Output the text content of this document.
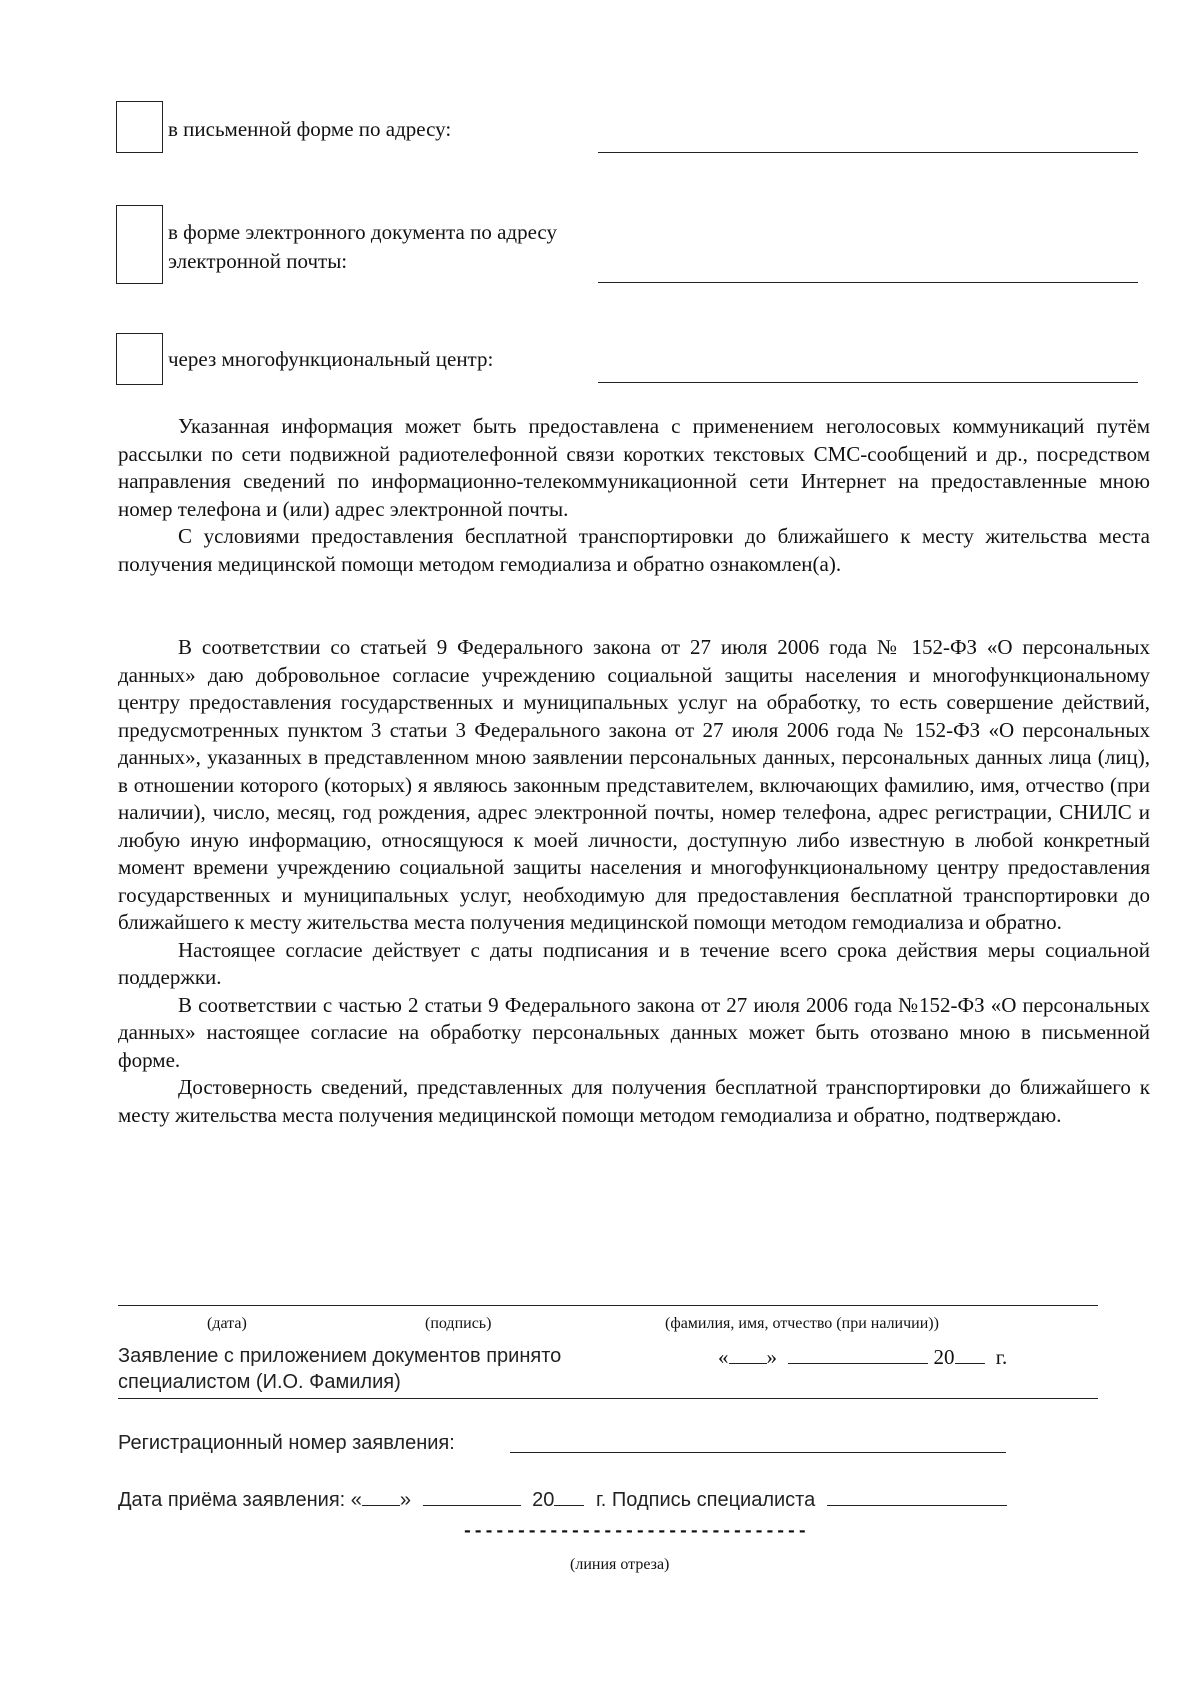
в письменной форме по адресу:
в форме электронного документа по адресу электронной почты:
через многофункциональный центр:

Указанная информация может быть предоставлена с применением неголосовых коммуникаций путём рассылки по сети подвижной радиотелефонной связи коротких текстовых СМС-сообщений и др., посредством направления сведений по информационно-телекоммуникационной сети Интернет на предоставленные мною номер телефона и (или) адрес электронной почты.

С условиями предоставления бесплатной транспортировки до ближайшего к месту жительства места получения медицинской помощи методом гемодиализа и обратно ознакомлен(а).

В соответствии со статьей 9 Федерального закона от 27 июля 2006 года № 152-ФЗ «О персональных данных» даю добровольное согласие учреждению социальной защиты населения и многофункциональному центру предоставления государственных и муниципальных услуг на обработку, то есть совершение действий, предусмотренных пунктом 3 статьи 3 Федерального закона от 27 июля 2006 года № 152-ФЗ «О персональных данных», указанных в представленном мною заявлении персональных данных, персональных данных лица (лиц), в отношении которого (которых) я являюсь законным представителем, включающих фамилию, имя, отчество (при наличии), число, месяц, год рождения, адрес электронной почты, номер телефона, адрес регистрации, СНИЛС и любую иную информацию, относящуюся к моей личности, доступную либо известную в любой конкретный момент времени учреждению социальной защиты населения и многофункциональному центру предоставления государственных и муниципальных услуг, необходимую для предоставления бесплатной транспортировки до ближайшего к месту жительства места получения медицинской помощи методом гемодиализа и обратно.

Настоящее согласие действует с даты подписания и в течение всего срока действия меры социальной поддержки.

В соответствии с частью 2 статьи 9 Федерального закона от 27 июля 2006 года №152-ФЗ «О персональных данных» настоящее согласие на обработку персональных данных может быть отозвано мною в письменной форме.

Достоверность сведений, представленных для получения бесплатной транспортировки до ближайшего к месту жительства места получения медицинской помощи методом гемодиализа и обратно, подтверждаю.

(дата)	(подпись)	(фамилия, имя, отчество (при наличии))
Заявление с приложением документов принято
специалистом (И.О. Фамилия)
« »	20 г.
Регистрационный номер заявления:
Дата приёма заявления: « »	20 г. Подпись специалиста
--------------------------------
(линия отреза)
